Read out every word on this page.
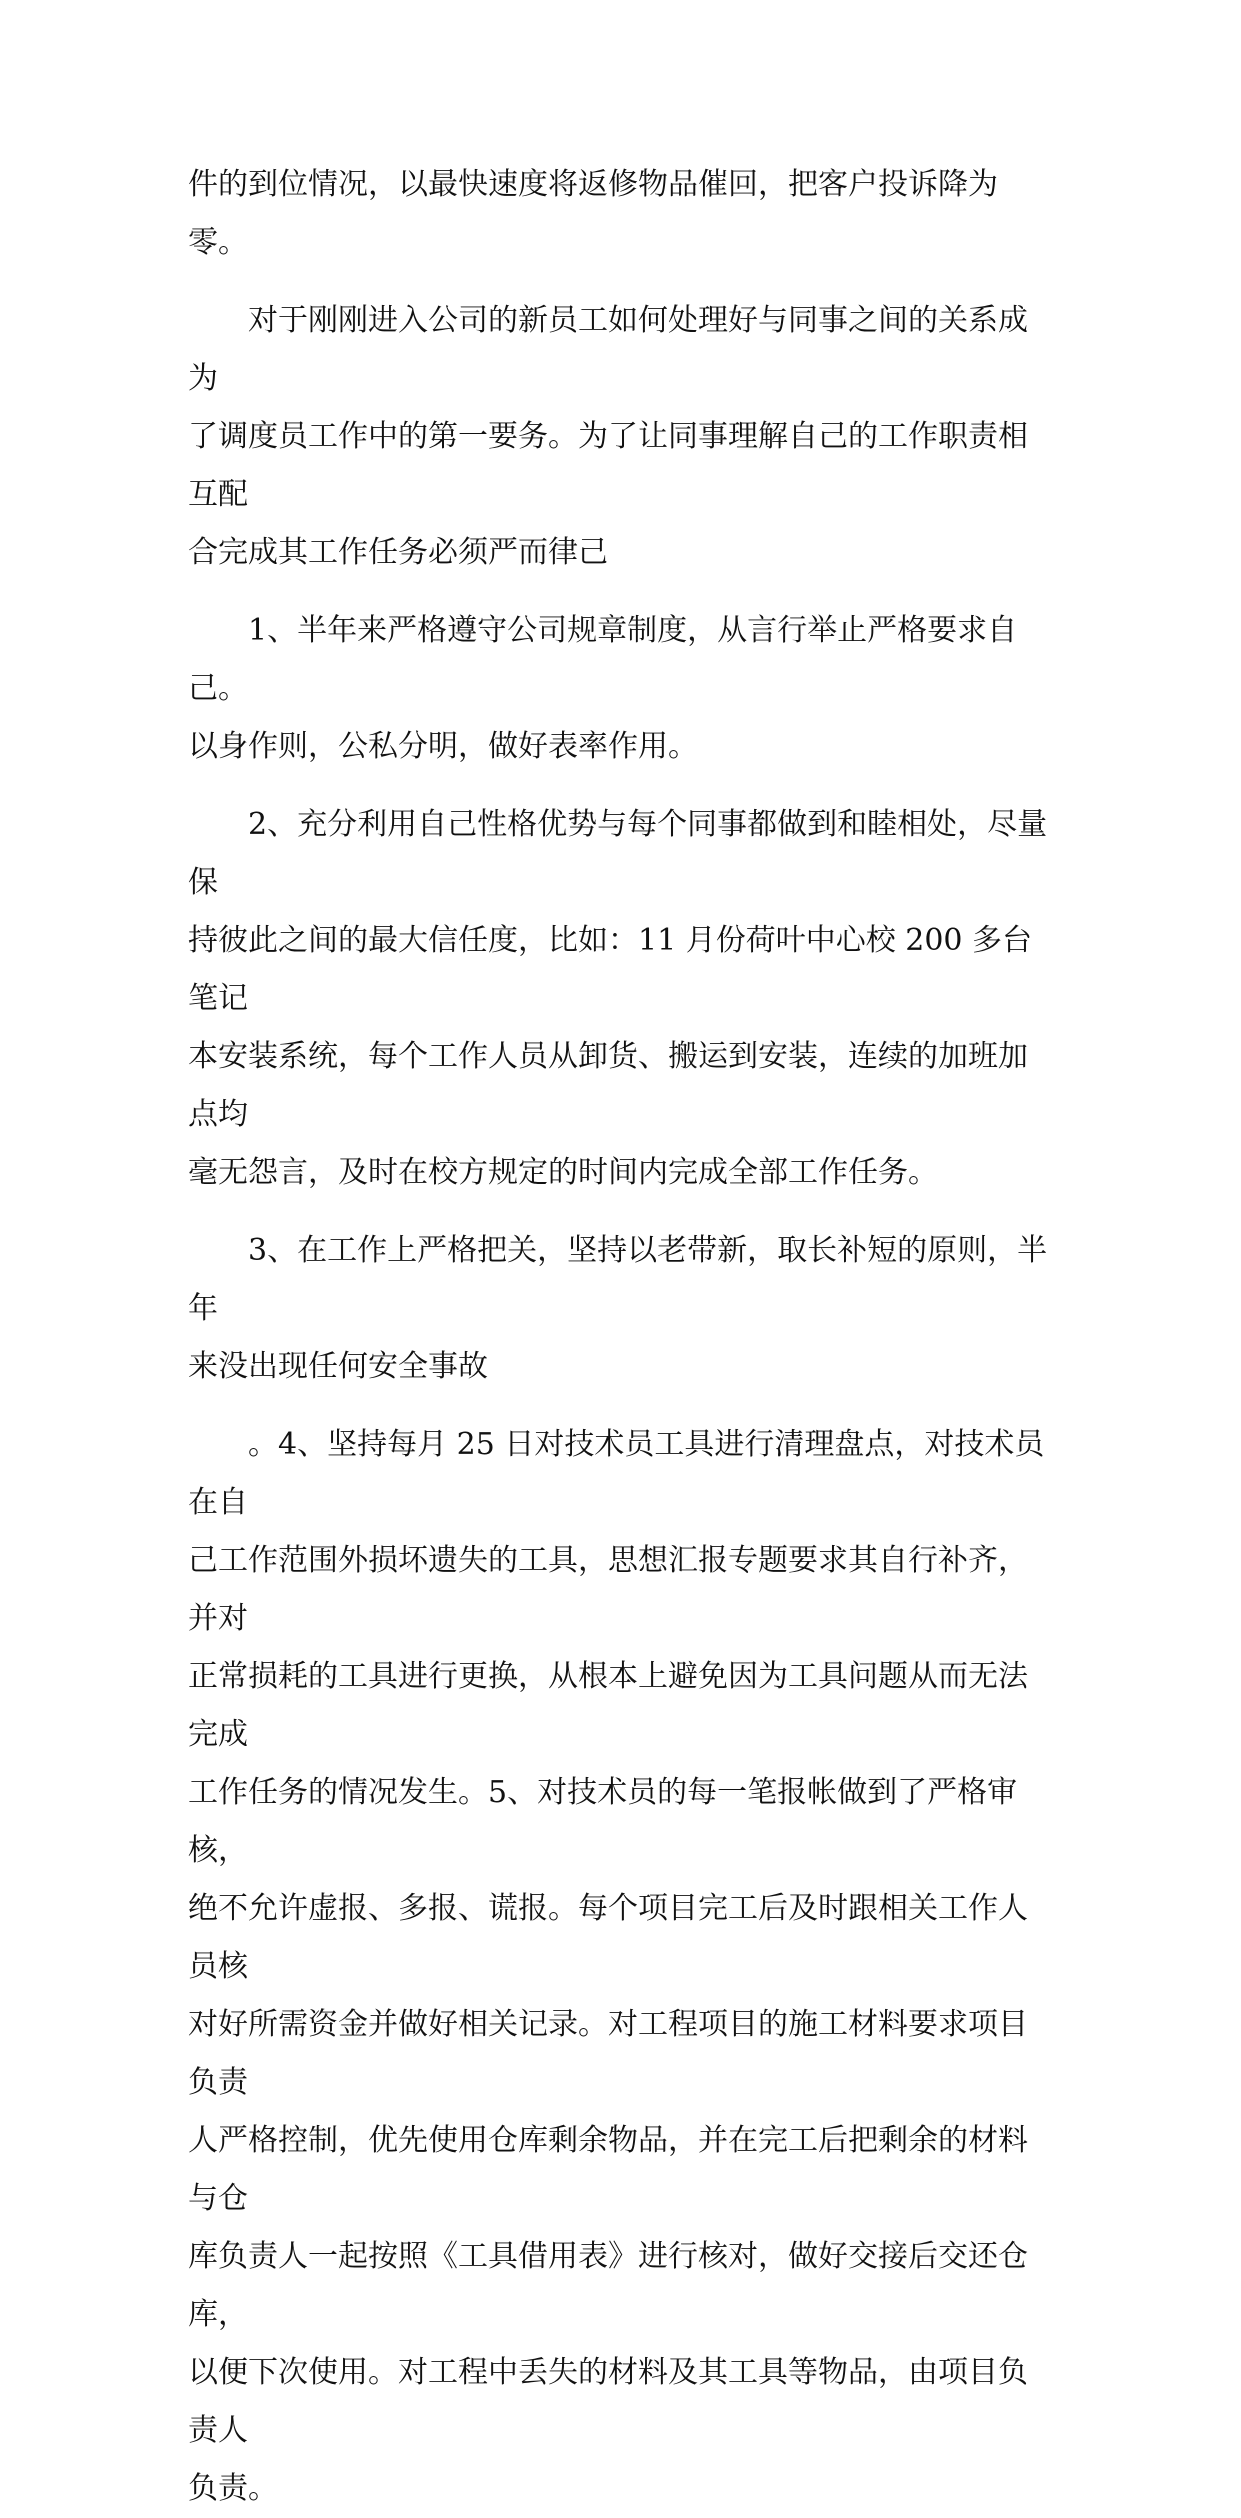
件的到位情况，以最快速度将返修物品催回，把客户投诉降为零。

对于刚刚进入公司的新员工如何处理好与同事之间的关系成为
了调度员工作中的第一要务。为了让同事理解自己的工作职责相互配
合完成其工作任务必须严而律己

1、半年来严格遵守公司规章制度，从言行举止严格要求自己。
以身作则，公私分明，做好表率作用。

2、充分利用自己性格优势与每个同事都做到和睦相处，尽量保
持彼此之间的最大信任度，比如：11 月份荷叶中心校 200 多台笔记
本安装系统，每个工作人员从卸货、搬运到安装，连续的加班加点均
毫无怨言，及时在校方规定的时间内完成全部工作任务。

3、在工作上严格把关，坚持以老带新，取长补短的原则，半年
来没出现任何安全事故

。4、坚持每月 25 日对技术员工具进行清理盘点，对技术员在自
己工作范围外损坏遗失的工具，思想汇报专题要求其自行补齐，并对
正常损耗的工具进行更换，从根本上避免因为工具问题从而无法完成
工作任务的情况发生。5、对技术员的每一笔报帐做到了严格审核，
绝不允许虚报、多报、谎报。每个项目完工后及时跟相关工作人员核
对好所需资金并做好相关记录。对工程项目的施工材料要求项目负责
人严格控制，优先使用仓库剩余物品，并在完工后把剩余的材料与仓
库负责人一起按照《工具借用表》进行核对，做好交接后交还仓库，
以便下次使用。对工程中丢失的材料及其工具等物品，由项目负责人
负责。
